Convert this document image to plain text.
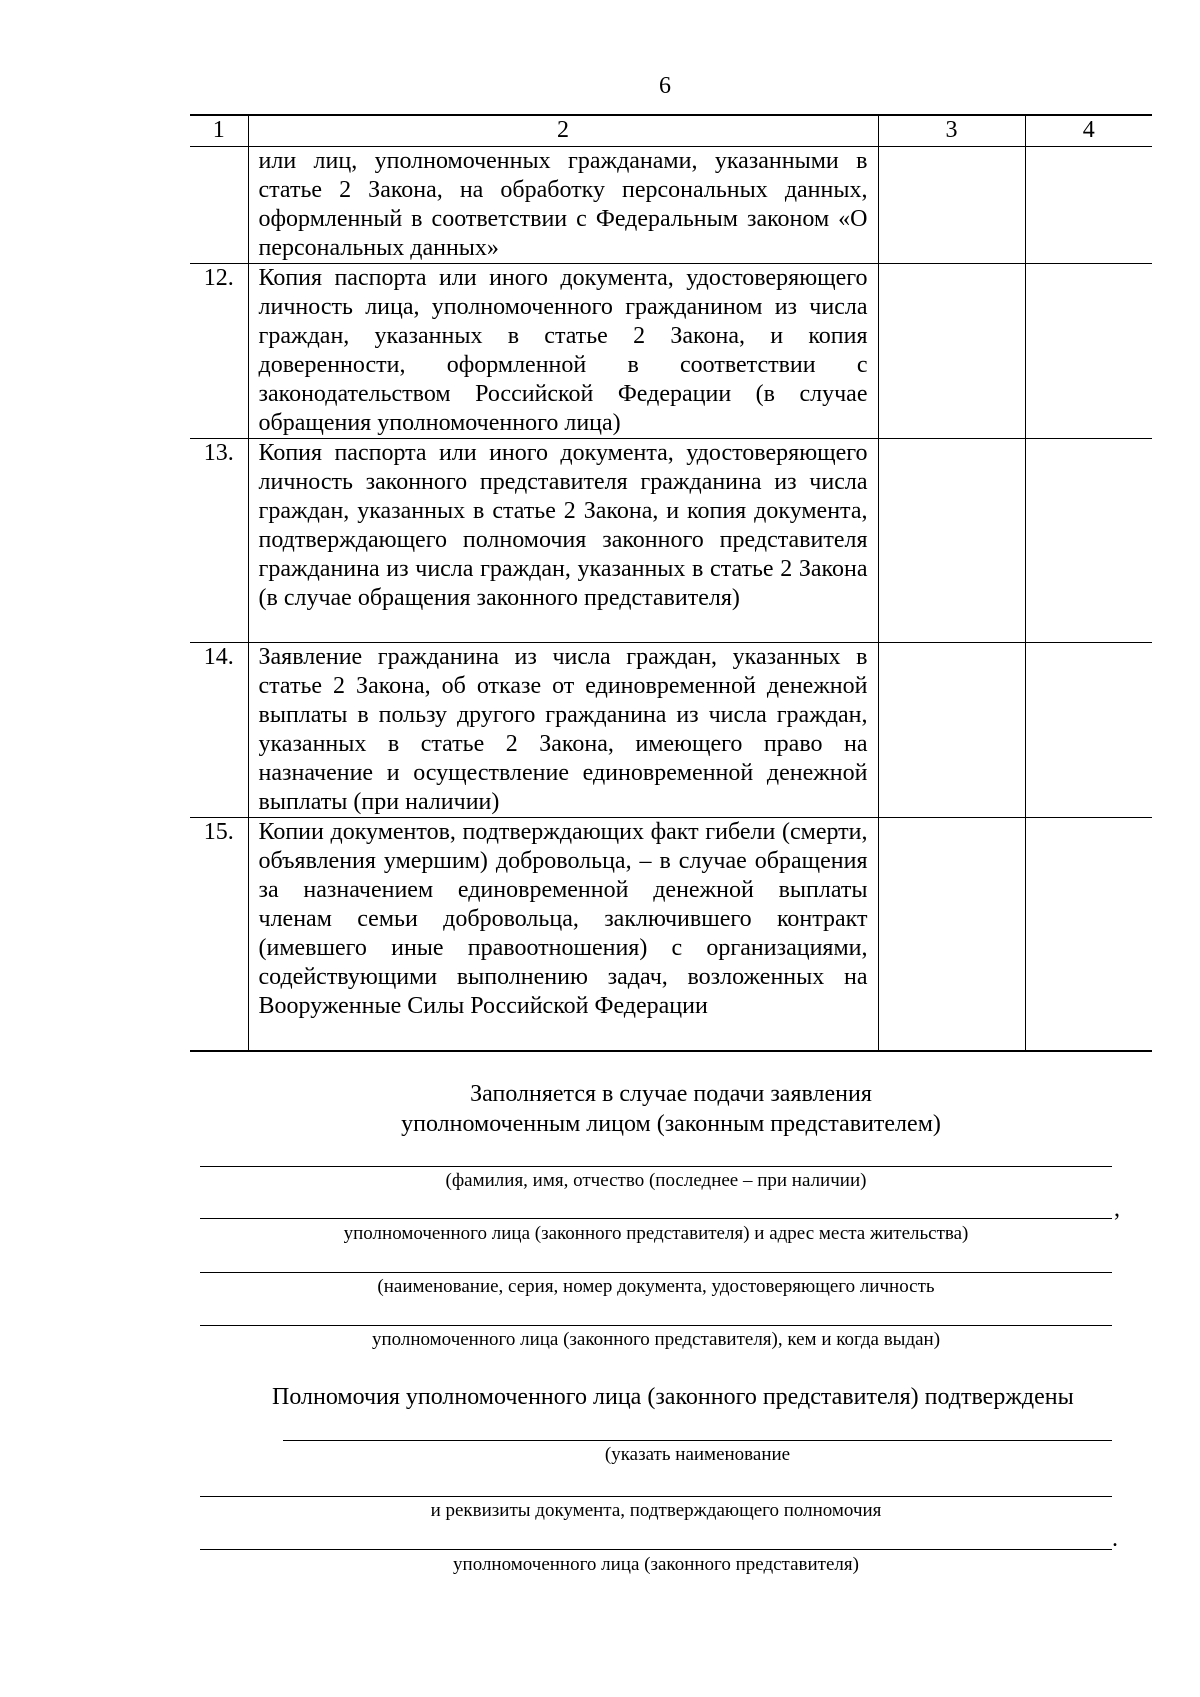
6
1	2	3	4
	или лиц, уполномоченных гражданами, указанными в статье 2 Закона, на обработку персональных данных, оформленный в соответствии с Федеральным законом «О персональных данных»		
12.	Копия паспорта или иного документа, удостоверяющего личность лица, уполномоченного гражданином из числа граждан, указанных в статье 2 Закона, и копия доверенности, оформленной в соответствии с законодательством Российской Федерации (в случае обращения уполномоченного лица)		
13.	Копия паспорта или иного документа, удостоверяющего личность законного представителя гражданина из числа граждан, указанных в статье 2 Закона, и копия документа, подтверждающего полномочия законного представителя гражданина из числа граждан, указанных в статье 2 Закона (в случае обращения законного представителя)		
14.	Заявление гражданина из числа граждан, указанных в статье 2 Закона, об отказе от единовременной денежной выплаты в пользу другого гражданина из числа граждан, указанных в статье 2 Закона, имеющего право на назначение и осуществление единовременной денежной выплаты (при наличии)		
15.	Копии документов, подтверждающих факт гибели (смерти, объявления умершим) добровольца, – в случае обращения за назначением единовременной денежной выплаты членам семьи добровольца, заключившего контракт (имевшего иные правоотношения) с организациями, содействующими выполнению задач, возложенных на Вооруженные Силы Российской Федерации		
Заполняется в случае подачи заявления
уполномоченным лицом (законным представителем)
(фамилия, имя, отчество (последнее – при наличии)
,
уполномоченного лица (законного представителя) и адрес места жительства)
(наименование, серия, номер документа, удостоверяющего личность
уполномоченного лица (законного представителя), кем и когда выдан)
Полномочия уполномоченного лица (законного представителя) подтверждены
(указать наименование
и реквизиты документа, подтверждающего полномочия
.
уполномоченного лица (законного представителя)
